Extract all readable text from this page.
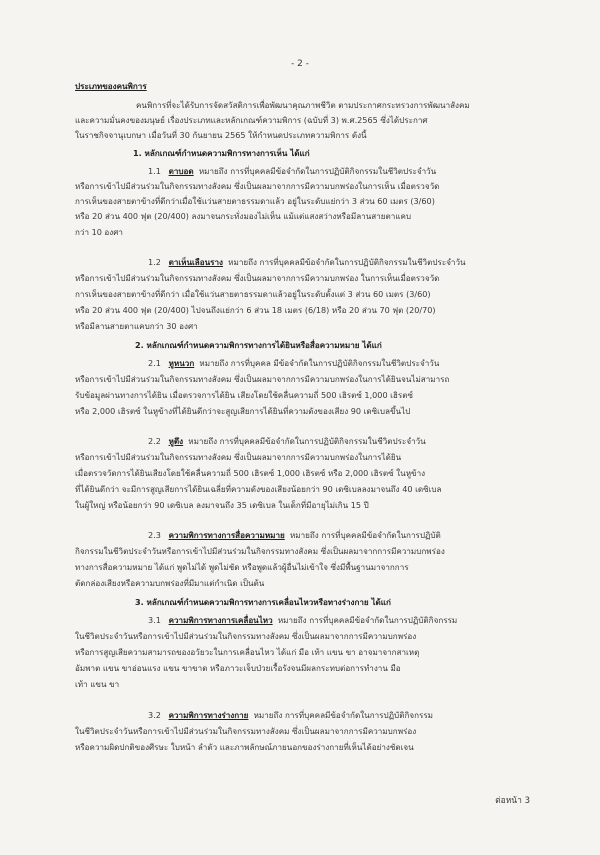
- 2 -
ประเภทของคนพิการ
คนพิการที่จะได้รับการจัดสวัสดิการเพื่อพัฒนาคุณภาพชีวิต ตามประกาศกระทรวงการพัฒนาสังคม
และความมั่นคงของมนุษย์ เรื่องประเภทและหลักเกณฑ์ความพิการ (ฉบับที่ 3) พ.ศ.2565 ซึ่งได้ประกาศ
ในราชกิจจานุเบกษา เมื่อวันที่ 30 กันยายน 2565 ให้กำหนดประเภทความพิการ ดังนี้
1. หลักเกณฑ์กำหนดความพิการทางการเห็น ได้แก่
1.1 ตาบอด หมายถึง การที่บุคคลมีข้อจำกัดในการปฏิบัติกิจกรรมในชีวิตประจำวัน
หรือการเข้าไปมีส่วนร่วมในกิจกรรมทางสังคม ซึ่งเป็นผลมาจากการมีความบกพร่องในการเห็น เมื่อตรวจวัด
การเห็นของสายตาข้างที่ดีกว่าเมื่อใช้แว่นสายตาธรรมดาแล้ว อยู่ในระดับแย่กว่า 3 ส่วน 60 เมตร (3/60)
หรือ 20 ส่วน 400 ฟุต (20/400) ลงมาจนกระทั่งมองไม่เห็น แม้แต่แสงสว่างหรือมีลานสายตาแคบ
กว่า 10 องศา
1.2 ตาเห็นเลือนราง หมายถึง การที่บุคคลมีข้อจำกัดในการปฏิบัติกิจกรรมในชีวิตประจำวัน
หรือการเข้าไปมีส่วนร่วมในกิจกรรมทางสังคม ซึ่งเป็นผลมาจากการมีความบกพร่อง ในการเห็นเมื่อตรวจวัด
การเห็นของสายตาข้างที่ดีกว่า เมื่อใช้แว่นสายตาธรรมดาแล้วอยู่ในระดับตั้งแต่ 3 ส่วน 60 เมตร (3/60)
หรือ 20 ส่วน 400 ฟุต (20/400) ไปจนถึงแย่กว่า 6 ส่วน 18 เมตร (6/18) หรือ 20 ส่วน 70 ฟุต (20/70)
หรือมีลานสายตาแคบกว่า 30 องศา
2. หลักเกณฑ์กำหนดความพิการทางการได้ยินหรือสื่อความหมาย ได้แก่
2.1 หูหนวก หมายถึง การที่บุคคล มีข้อจำกัดในการปฏิบัติกิจกรรมในชีวิตประจำวัน
หรือการเข้าไปมีส่วนร่วมในกิจกรรมทางสังคม ซึ่งเป็นผลมาจากการมีความบกพร่องในการได้ยินจนไม่สามารถ
รับข้อมูลผ่านทางการได้ยิน เมื่อตรวจการได้ยิน เสียงโดยใช้คลื่นความถี่ 500 เฮิรตซ์ 1,000 เฮิรตซ์
หรือ 2,000 เฮิรตซ์ ในหูข้างที่ได้ยินดีกว่าจะสูญเสียการได้ยินที่ความดังของเสียง 90 เดซิเบลขึ้นไป
2.2 หูตึง หมายถึง การที่บุคคลมีข้อจำกัดในการปฏิบัติกิจกรรมในชีวิตประจำวัน
หรือการเข้าไปมีส่วนร่วมในกิจกรรมทางสังคม ซึ่งเป็นผลมาจากการมีความบกพร่องในการได้ยิน
เมื่อตรวจวัดการได้ยินเสียงโดยใช้คลื่นความถี่ 500 เฮิรตซ์ 1,000 เฮิรตซ์ หรือ 2,000 เฮิรตซ์ ในหูข้าง
ที่ได้ยินดีกว่า จะมีการสูญเสียการได้ยินเฉลี่ยที่ความดังของเสียงน้อยกว่า 90 เดซิเบลลงมาจนถึง 40 เดซิเบล
ในผู้ใหญ่ หรือน้อยกว่า 90 เดซิเบล ลงมาจนถึง 35 เดซิเบล ในเด็กที่มีอายุไม่เกิน 15 ปี
2.3 ความพิการทางการสื่อความหมาย หมายถึง การที่บุคคลมีข้อจำกัดในการปฏิบัติ
กิจกรรมในชีวิตประจำวันหรือการเข้าไปมีส่วนร่วมในกิจกรรมทางสังคม ซึ่งเป็นผลมาจากการมีความบกพร่อง
ทางการสื่อความหมาย ได้แก่ พูดไม่ได้ พูดไม่ชัด หรือพูดแล้วผู้อื่นไม่เข้าใจ ซึ่งมีพื้นฐานมาจากการ
ตัดกล่องเสียงหรือความบกพร่องที่มีมาแต่กำเนิด เป็นต้น
3. หลักเกณฑ์กำหนดความพิการทางการเคลื่อนไหวหรือทางร่างกาย ได้แก่
3.1 ความพิการทางการเคลื่อนไหว หมายถึง การที่บุคคลมีข้อจำกัดในการปฏิบัติกิจกรรม
ในชีวิตประจำวันหรือการเข้าไปมีส่วนร่วมในกิจกรรมทางสังคม ซึ่งเป็นผลมาจากการมีความบกพร่อง
หรือการสูญเสียความสามารถของอวัยวะในการเคลื่อนไหว ได้แก่ มือ เท้า แขน ขา อาจมาจากสาเหตุ
อัมพาต แขน ขาอ่อนแรง แขน ขาขาด หรือภาวะเจ็บป่วยเรื้อรังจนมีผลกระทบต่อการทำงาน มือ
เท้า แขน ขา
3.2 ความพิการทางร่างกาย หมายถึง การที่บุคคลมีข้อจำกัดในการปฏิบัติกิจกรรม
ในชีวิตประจำวันหรือการเข้าไปมีส่วนร่วมในกิจกรรมทางสังคม ซึ่งเป็นผลมาจากการมีความบกพร่อง
หรือความผิดปกติของศีรษะ ใบหน้า ลำตัว และภาพลักษณ์ภายนอกของร่างกายที่เห็นได้อย่างชัดเจน
ต่อหน้า 3
